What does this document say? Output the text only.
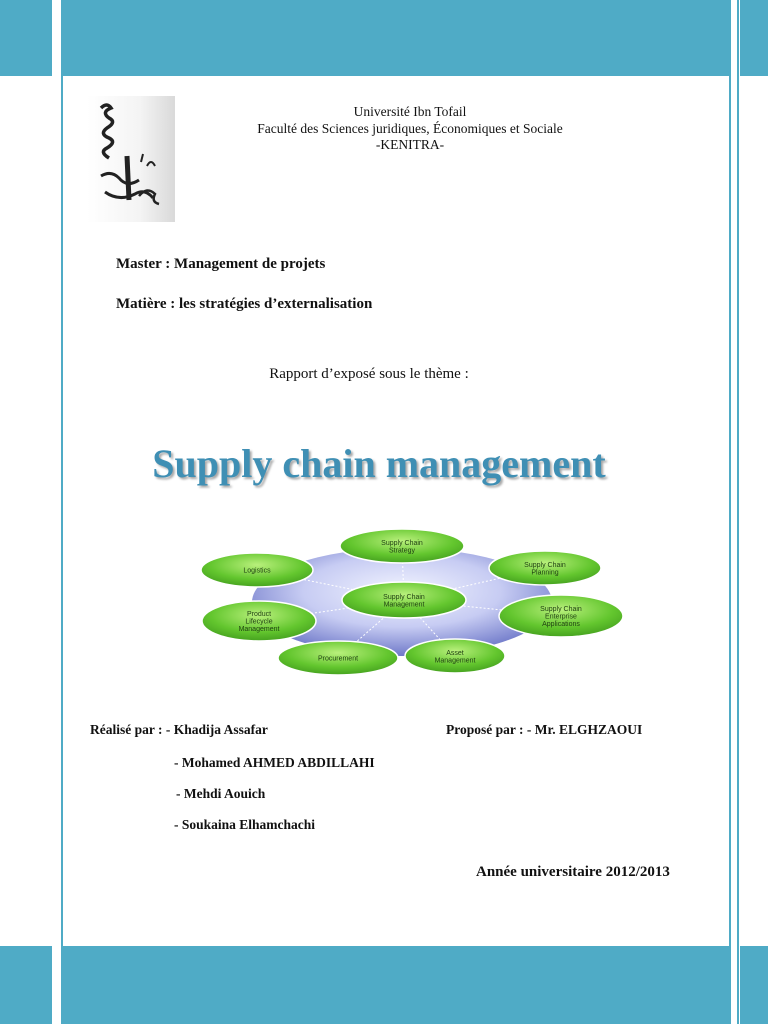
Université Ibn Tofail
Faculté des Sciences juridiques, Économiques et Sociale
-KENITRA-
Master : Management de projets
Matière : les stratégies d’externalisation
Rapport d’exposé sous le thème :
Supply chain management
Supply Chain
Management
Supply Chain
Strategy
Supply Chain
Planning
Supply Chain
Enterprise
Applications
Asset
Management
Procurement
Product
Lifecycle
Management
Logistics
Réalisé par : - Khadija Assafar	Proposé par : - Mr. ELGHZAOUI
- Mohamed AHMED ABDILLAHI
- Mehdi Aouich
- Soukaina Elhamchachi
Année universitaire 2012/2013
